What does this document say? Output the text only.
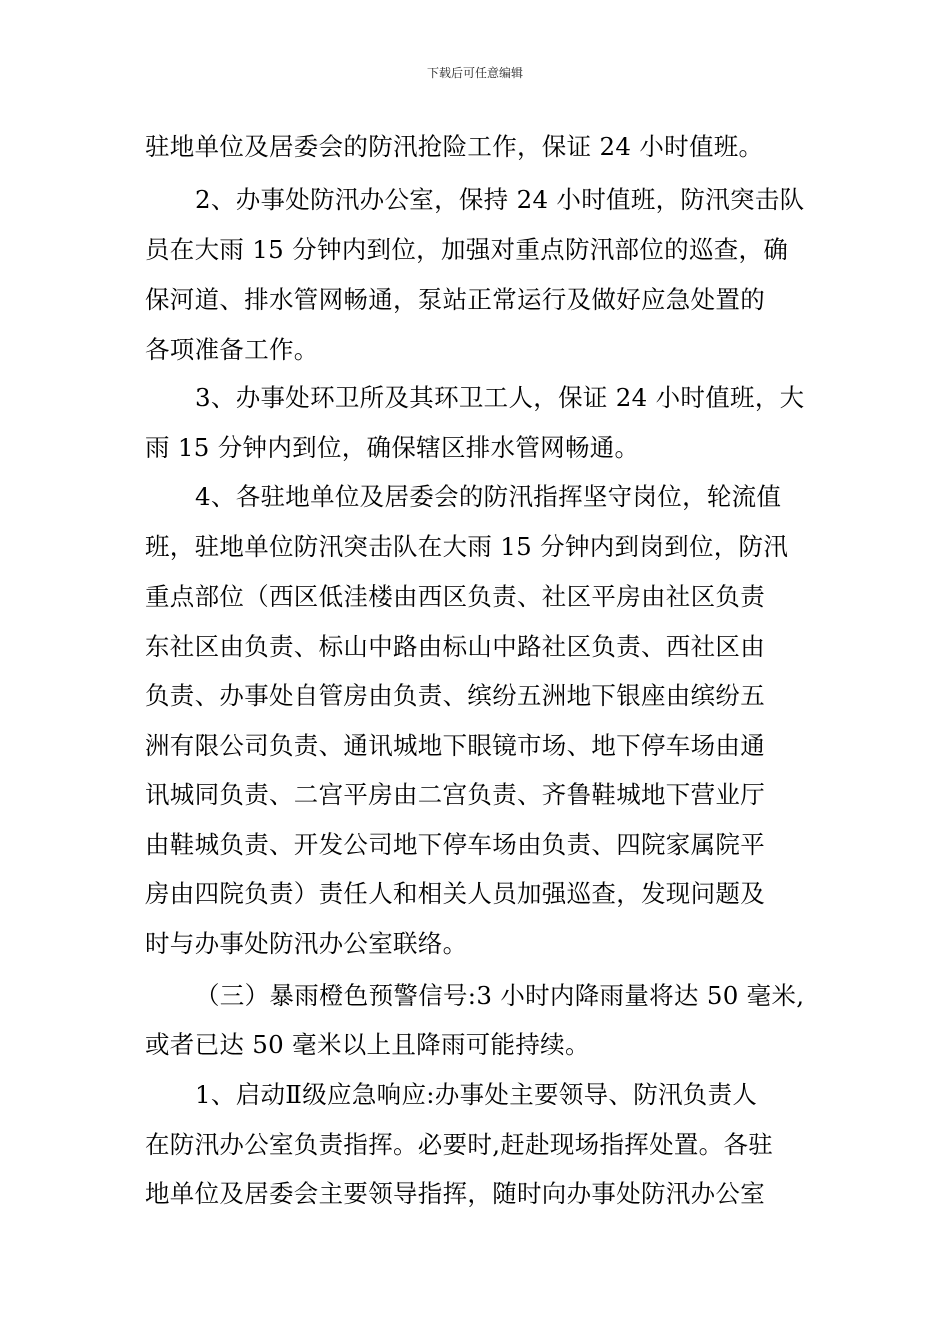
下载后可任意编辑
驻地单位及居委会的防汛抢险工作，保证 24 小时值班。
2、办事处防汛办公室，保持 24 小时值班，防汛突击队
员在大雨 15 分钟内到位，加强对重点防汛部位的巡查，确
保河道、排水管网畅通，泵站正常运行及做好应急处置的
各项准备工作。
3、办事处环卫所及其环卫工人，保证 24 小时值班，大
雨 15 分钟内到位，确保辖区排水管网畅通。
4、各驻地单位及居委会的防汛指挥坚守岗位，轮流值
班，驻地单位防汛突击队在大雨 15 分钟内到岗到位，防汛
重点部位（西区低洼楼由西区负责、社区平房由社区负责
东社区由负责、标山中路由标山中路社区负责、西社区由
负责、办事处自管房由负责、缤纷五洲地下银座由缤纷五
洲有限公司负责、通讯城地下眼镜市场、地下停车场由通
讯城同负责、二宫平房由二宫负责、齐鲁鞋城地下营业厅
由鞋城负责、开发公司地下停车场由负责、四院家属院平
房由四院负责）责任人和相关人员加强巡查，发现问题及
时与办事处防汛办公室联络。
（三）暴雨橙色预警信号:3 小时内降雨量将达 50 毫米,
或者已达 50 毫米以上且降雨可能持续。
1、启动Ⅱ级应急响应:办事处主要领导、防汛负责人
在防汛办公室负责指挥。必要时,赶赴现场指挥处置。各驻
地单位及居委会主要领导指挥，随时向办事处防汛办公室
